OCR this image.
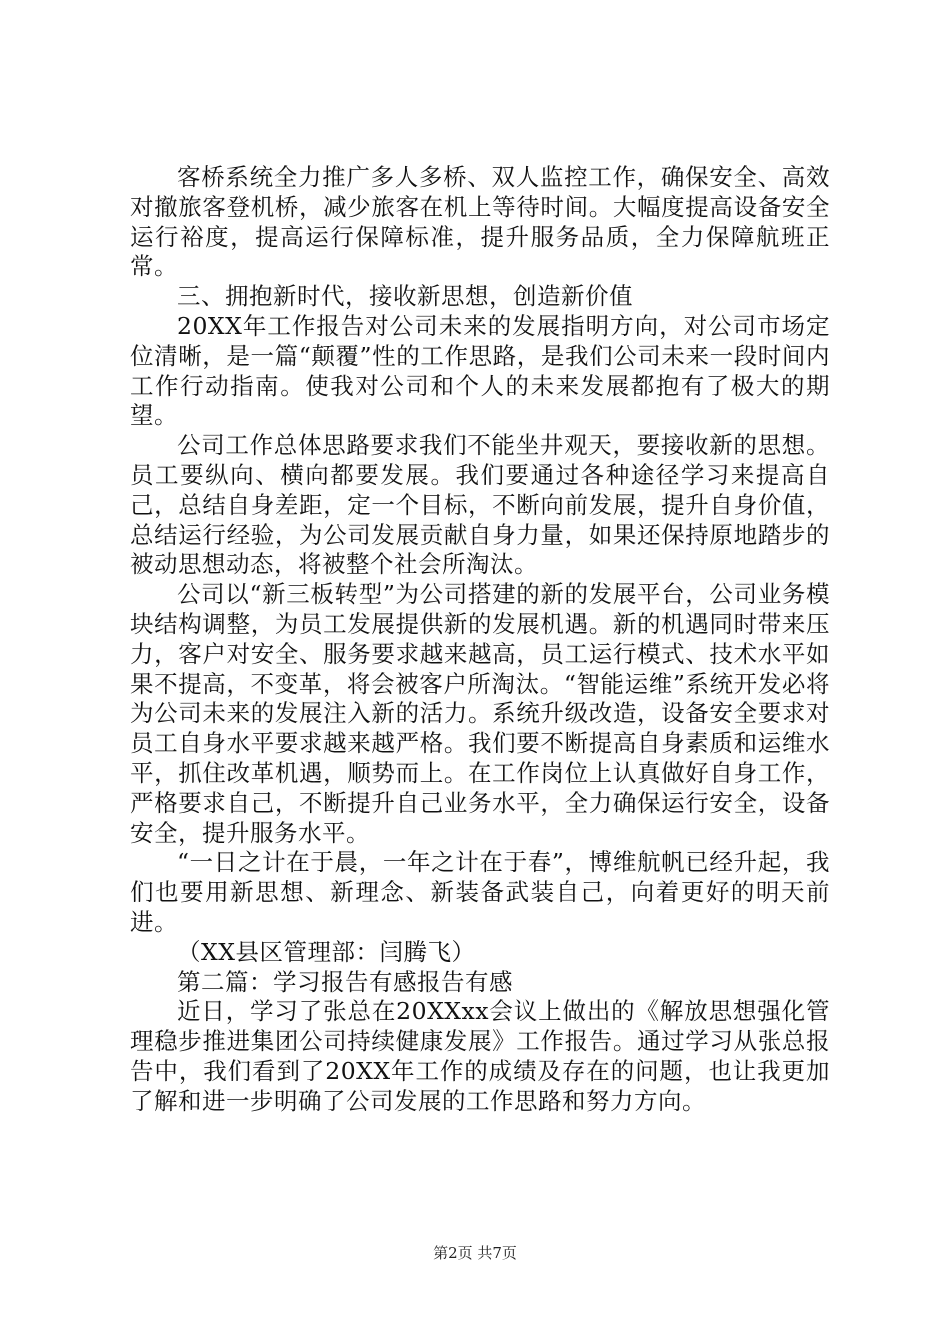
客桥系统全力推广多人多桥、双人监控工作，确保安全、高效对撤旅客登机桥，减少旅客在机上等待时间。大幅度提高设备安全运行裕度，提高运行保障标准，提升服务品质，全力保障航班正常。

三、拥抱新时代，接收新思想，创造新价值

20XX年工作报告对公司未来的发展指明方向，对公司市场定位清晰，是一篇“颠覆”性的工作思路，是我们公司未来一段时间内工作行动指南。使我对公司和个人的未来发展都抱有了极大的期望。

公司工作总体思路要求我们不能坐井观天，要接收新的思想。员工要纵向、横向都要发展。我们要通过各种途径学习来提高自己，总结自身差距，定一个目标，不断向前发展，提升自身价值，总结运行经验，为公司发展贡献自身力量，如果还保持原地踏步的被动思想动态，将被整个社会所淘汰。

公司以“新三板转型”为公司搭建的新的发展平台，公司业务模块结构调整，为员工发展提供新的发展机遇。新的机遇同时带来压力，客户对安全、服务要求越来越高，员工运行模式、技术水平如果不提高，不变革，将会被客户所淘汰。“智能运维”系统开发必将为公司未来的发展注入新的活力。系统升级改造，设备安全要求对员工自身水平要求越来越严格。我们要不断提高自身素质和运维水平，抓住改革机遇，顺势而上。在工作岗位上认真做好自身工作，严格要求自己，不断提升自己业务水平，全力确保运行安全，设备安全，提升服务水平。

“一日之计在于晨，一年之计在于春”，博维航帆已经升起，我们也要用新思想、新理念、新装备武装自己，向着更好的明天前进。

（XX县区管理部：闫腾飞）

第二篇：学习报告有感报告有感

近日，学习了张总在20XXxx会议上做出的《解放思想强化管理稳步推进集团公司持续健康发展》工作报告。通过学习从张总报告中，我们看到了20XX年工作的成绩及存在的问题，也让我更加了解和进一步明确了公司发展的工作思路和努力方向。

第2页 共7页
